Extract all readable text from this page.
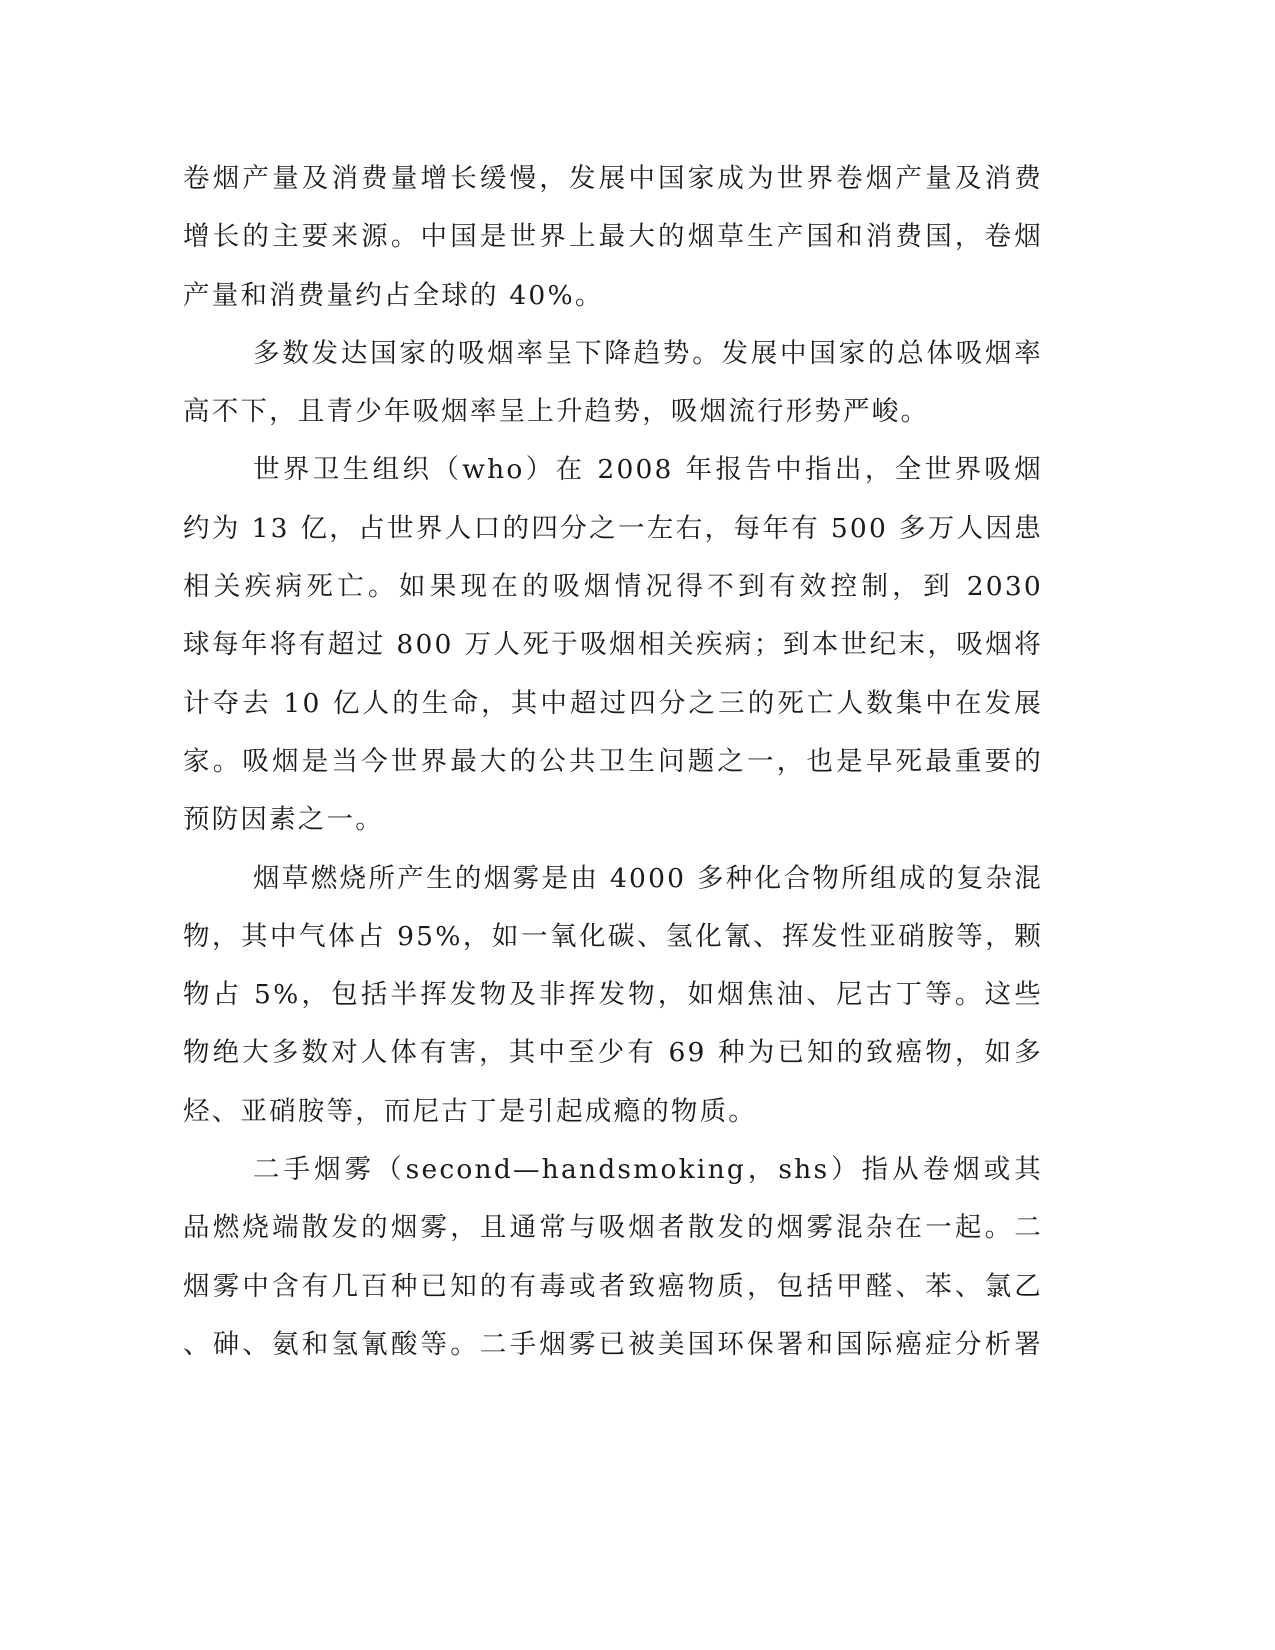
卷烟产量及消费量增长缓慢，发展中国家成为世界卷烟产量及消费
增长的主要来源。中国是世界上最大的烟草生产国和消费国，卷烟
产量和消费量约占全球的 40%。
多数发达国家的吸烟率呈下降趋势。发展中国家的总体吸烟率
高不下，且青少年吸烟率呈上升趋势，吸烟流行形势严峻。
世界卫生组织（who）在 2008 年报告中指出，全世界吸烟
约为 13 亿，占世界人口的四分之一左右，每年有 500 多万人因患
相关疾病死亡。如果现在的吸烟情况得不到有效控制，到 2030
球每年将有超过 800 万人死于吸烟相关疾病；到本世纪末，吸烟将
计夺去 10 亿人的生命，其中超过四分之三的死亡人数集中在发展
家。吸烟是当今世界最大的公共卫生问题之一，也是早死最重要的
预防因素之一。
烟草燃烧所产生的烟雾是由 4000 多种化合物所组成的复杂混
物，其中气体占 95%，如一氧化碳、氢化氰、挥发性亚硝胺等，颗
物占 5%，包括半挥发物及非挥发物，如烟焦油、尼古丁等。这些
物绝大多数对人体有害，其中至少有 69 种为已知的致癌物，如多
烃、亚硝胺等，而尼古丁是引起成瘾的物质。
二手烟雾（second—handsmoking，shs）指从卷烟或其
品燃烧端散发的烟雾，且通常与吸烟者散发的烟雾混杂在一起。二
烟雾中含有几百种已知的有毒或者致癌物质，包括甲醛、苯、氯乙
、砷、氨和氢氰酸等。二手烟雾已被美国环保署和国际癌症分析署
